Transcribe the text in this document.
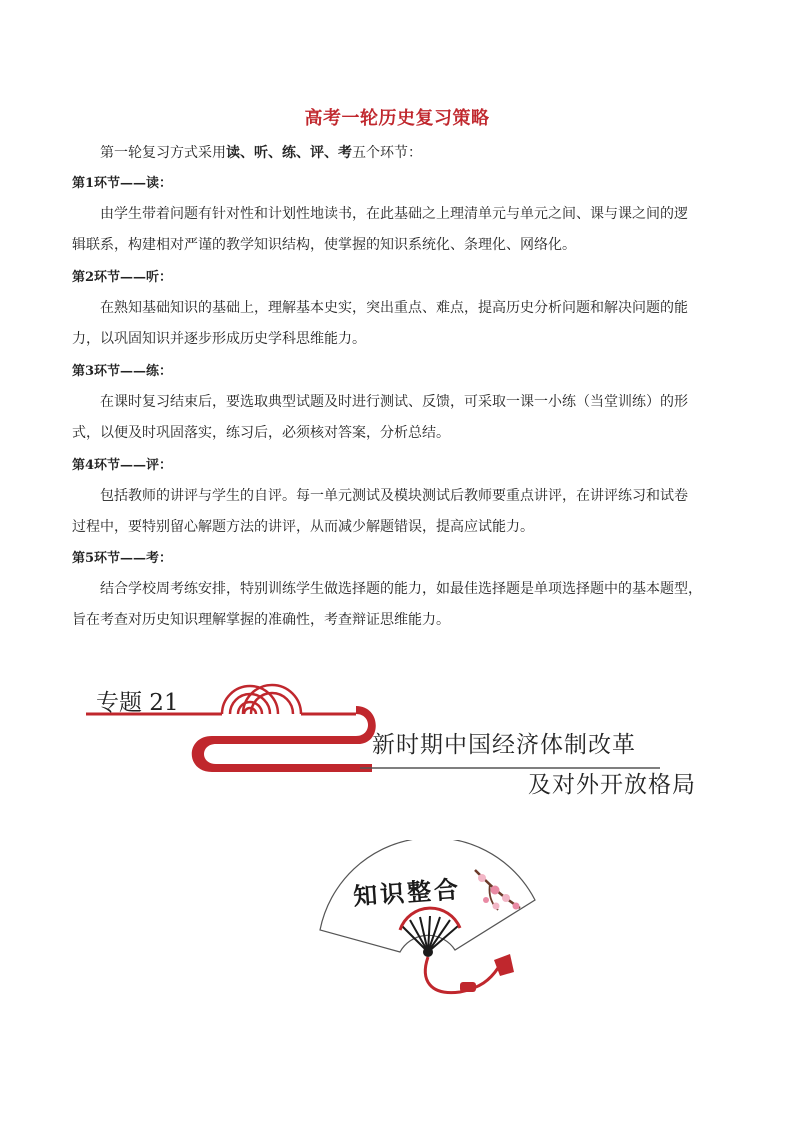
高考一轮历史复习策略
第一轮复习方式采用读、听、练、评、考五个环节：
第1环节——读：
由学生带着问题有针对性和计划性地读书，在此基础之上理清单元与单元之间、课与课之间的逻
辑联系，构建相对严谨的教学知识结构，使掌握的知识系统化、条理化、网络化。
第2环节——听：
在熟知基础知识的基础上，理解基本史实，突出重点、难点，提高历史分析问题和解决问题的能
力，以巩固知识并逐步形成历史学科思维能力。
第3环节——练：
在课时复习结束后，要选取典型试题及时进行测试、反馈，可采取一课一小练（当堂训练）的形
式，以便及时巩固落实，练习后，必须核对答案，分析总结。
第4环节——评：
包括教师的讲评与学生的自评。每一单元测试及模块测试后教师要重点讲评，在讲评练习和试卷
过程中，要特别留心解题方法的讲评，从而减少解题错误，提高应试能力。
第5环节——考：
结合学校周考练安排，特别训练学生做选择题的能力，如最佳选择题是单项选择题中的基本题型，
旨在考查对历史知识理解掌握的准确性，考查辩证思维能力。
专题 21
新时期中国经济体制改革
及对外开放格局
知识整合
